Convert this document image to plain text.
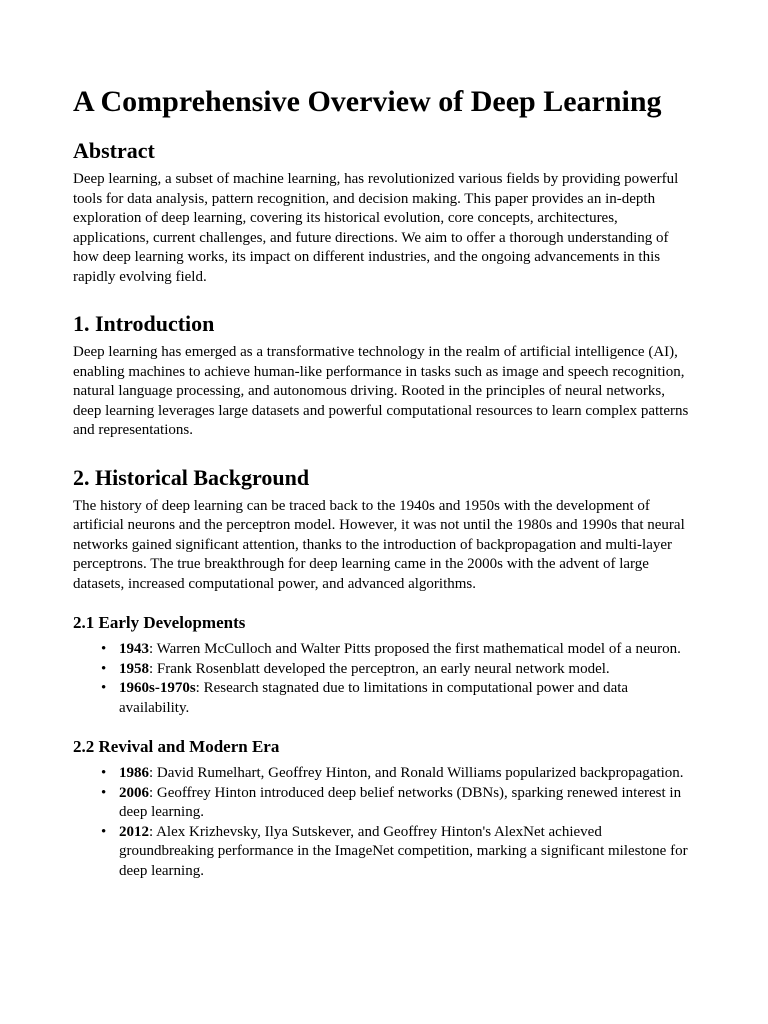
A Comprehensive Overview of Deep Learning
Abstract

Deep learning, a subset of machine learning, has revolutionized various fields by providing powerful tools for data analysis, pattern recognition, and decision making. This paper provides an in-depth exploration of deep learning, covering its historical evolution, core concepts, architectures, applications, current challenges, and future directions. We aim to offer a thorough understanding of how deep learning works, its impact on different industries, and the ongoing advancements in this rapidly evolving field.

1. Introduction

Deep learning has emerged as a transformative technology in the realm of artificial intelligence (AI), enabling machines to achieve human-like performance in tasks such as image and speech recognition, natural language processing, and autonomous driving. Rooted in the principles of neural networks, deep learning leverages large datasets and powerful computational resources to learn complex patterns and representations.

2. Historical Background

The history of deep learning can be traced back to the 1940s and 1950s with the development of artificial neurons and the perceptron model. However, it was not until the 1980s and 1990s that neural networks gained significant attention, thanks to the introduction of backpropagation and multi-layer perceptrons. The true breakthrough for deep learning came in the 2000s with the advent of large datasets, increased computational power, and advanced algorithms.

2.1 Early Developments
• 1943: Warren McCulloch and Walter Pitts proposed the first mathematical model of a neuron.
• 1958: Frank Rosenblatt developed the perceptron, an early neural network model.
• 1960s-1970s: Research stagnated due to limitations in computational power and data availability.
2.2 Revival and Modern Era
• 1986: David Rumelhart, Geoffrey Hinton, and Ronald Williams popularized backpropagation.
• 2006: Geoffrey Hinton introduced deep belief networks (DBNs), sparking renewed interest in deep learning.
• 2012: Alex Krizhevsky, Ilya Sutskever, and Geoffrey Hinton's AlexNet achieved groundbreaking performance in the ImageNet competition, marking a significant milestone for deep learning.
